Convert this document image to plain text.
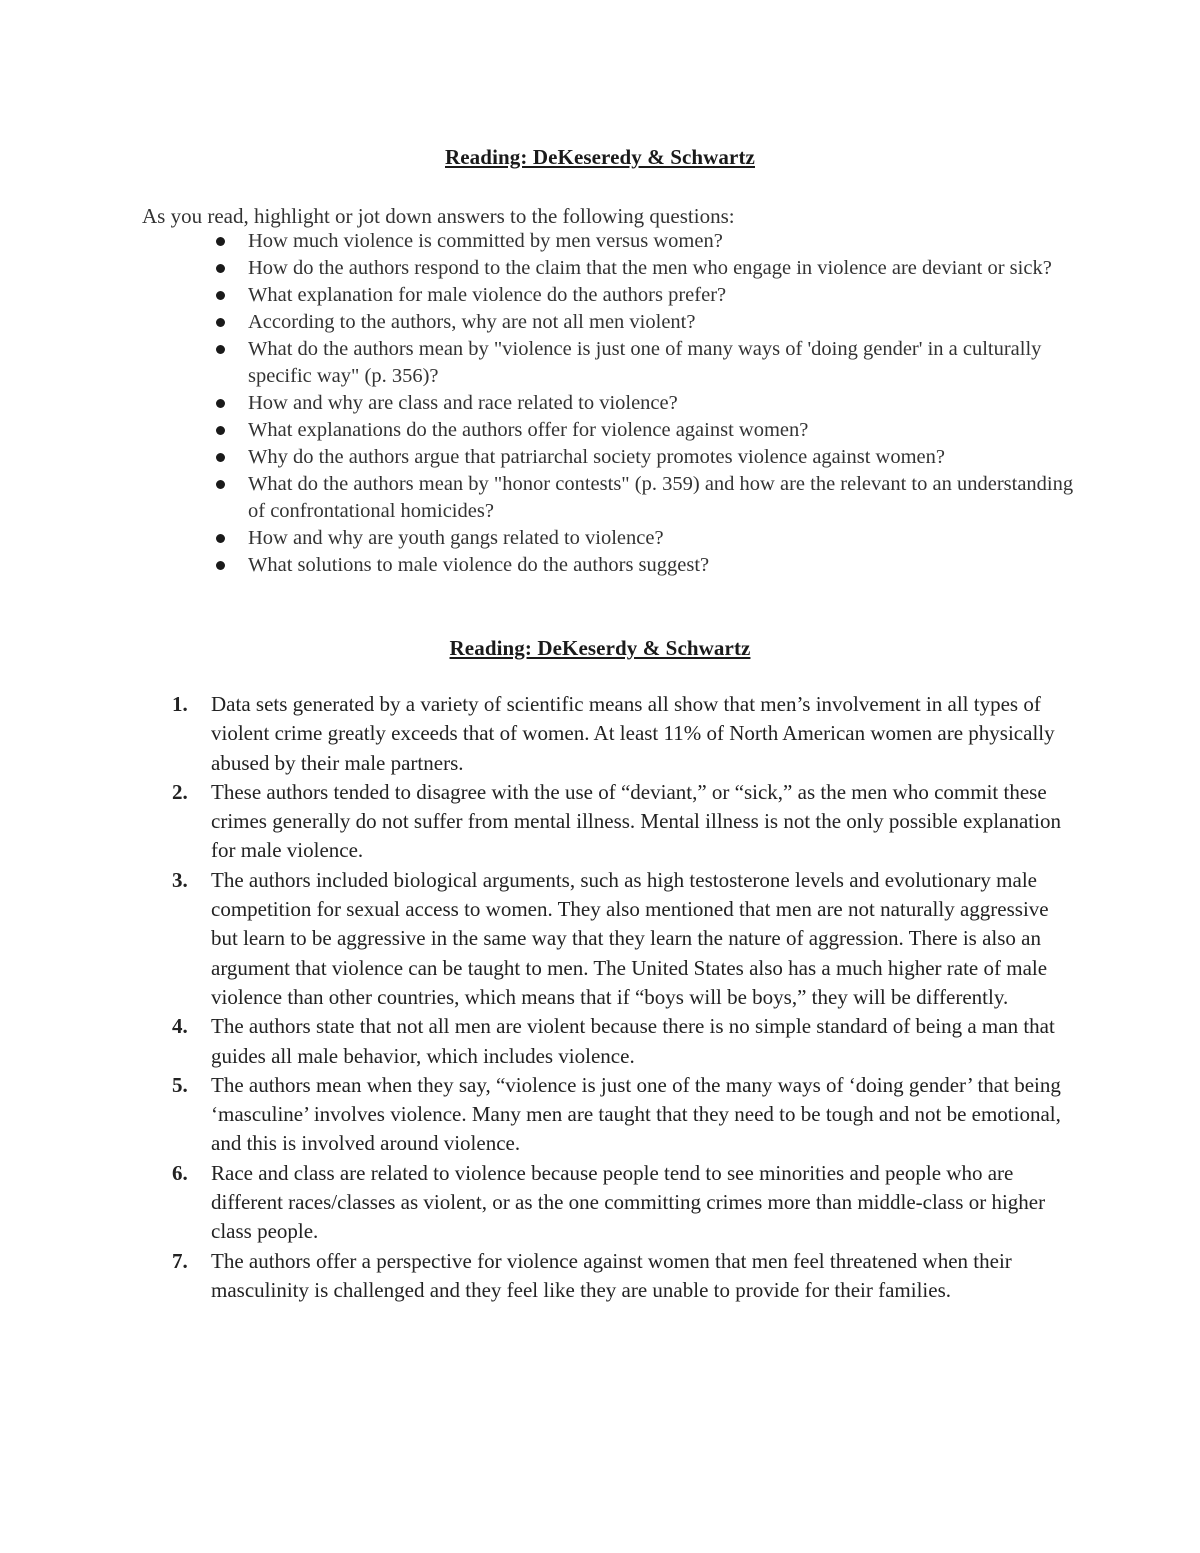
Reading: DeKeseredy & Schwartz
As you read, highlight or jot down answers to the following questions:
How much violence is committed by men versus women?
How do the authors respond to the claim that the men who engage in violence are deviant or sick?
What explanation for male violence do the authors prefer?
According to the authors, why are not all men violent?
What do the authors mean by "violence is just one of many ways of 'doing gender' in a culturally specific way" (p. 356)?
How and why are class and race related to violence?
What explanations do the authors offer for violence against women?
Why do the authors argue that patriarchal society promotes violence against women?
What do the authors mean by "honor contests" (p. 359) and how are the relevant to an understanding of confrontational homicides?
How and why are youth gangs related to violence?
What solutions to male violence do the authors suggest?
Reading: DeKeserdy & Schwartz
1. Data sets generated by a variety of scientific means all show that men’s involvement in all types of violent crime greatly exceeds that of women. At least 11% of North American women are physically abused by their male partners.
2. These authors tended to disagree with the use of “deviant,” or “sick,” as the men who commit these crimes generally do not suffer from mental illness. Mental illness is not the only possible explanation for male violence.
3. The authors included biological arguments, such as high testosterone levels and evolutionary male competition for sexual access to women. They also mentioned that men are not naturally aggressive but learn to be aggressive in the same way that they learn the nature of aggression. There is also an argument that violence can be taught to men. The United States also has a much higher rate of male violence than other countries, which means that if “boys will be boys,” they will be differently.
4. The authors state that not all men are violent because there is no simple standard of being a man that guides all male behavior, which includes violence.
5. The authors mean when they say, “violence is just one of the many ways of ‘doing gender’ that being ‘masculine’ involves violence. Many men are taught that they need to be tough and not be emotional, and this is involved around violence.
6. Race and class are related to violence because people tend to see minorities and people who are different races/classes as violent, or as the one committing crimes more than middle-class or higher class people.
7. The authors offer a perspective for violence against women that men feel threatened when their masculinity is challenged and they feel like they are unable to provide for their families.
